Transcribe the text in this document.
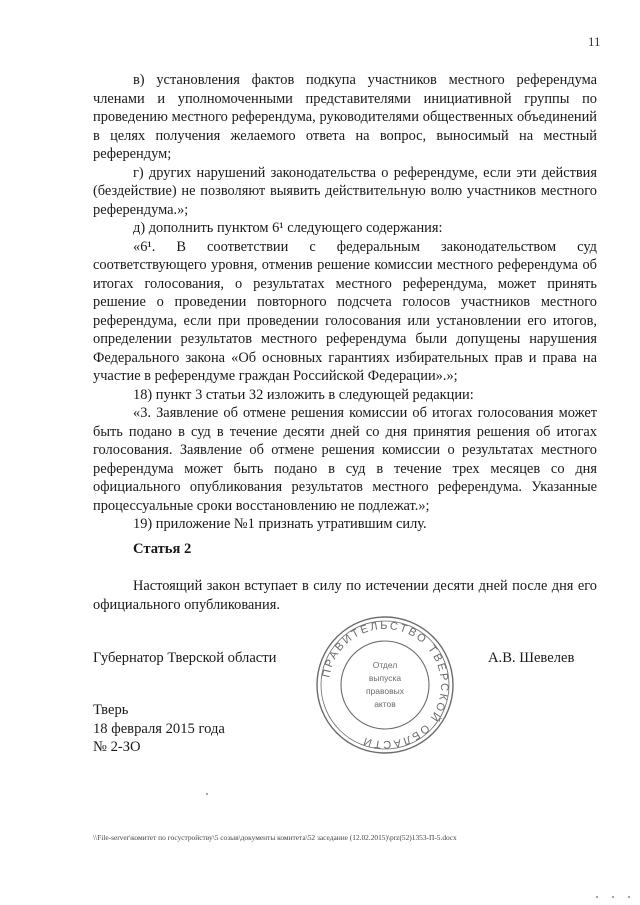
11

в) установления фактов подкупа участников местного референдума членами и уполномоченными представителями инициативной группы по проведению местного референдума, руководителями общественных объединений в целях получения желаемого ответа на вопрос, выносимый на местный референдум;

г) других нарушений законодательства о референдуме, если эти действия (бездействие) не позволяют выявить действительную волю участников местного референдума.»;

д) дополнить пунктом 6¹ следующего содержания:

«6¹. В соответствии с федеральным законодательством суд соответствующего уровня, отменив решение комиссии местного референдума об итогах голосования, о результатах местного референдума, может принять решение о проведении повторного подсчета голосов участников местного референдума, если при проведении голосования или установлении его итогов, определении результатов местного референдума были допущены нарушения Федерального закона «Об основных гарантиях избирательных прав и права на участие в референдуме граждан Российской Федерации».»;

18) пункт 3 статьи 32 изложить в следующей редакции:

«3. Заявление об отмене решения комиссии об итогах голосования может быть подано в суд в течение десяти дней со дня принятия решения об итогах голосования. Заявление об отмене решения комиссии о результатах местного референдума может быть подано в суд в течение трех месяцев со дня официального опубликования результатов местного референдума. Указанные процессуальные сроки восстановлению не подлежат.»;

19) приложение №1 признать утратившим силу.

Статья 2
Настоящий закон вступает в силу по истечении десяти дней после дня его официального опубликования.
Губернатор Тверской области	А.В. Шевелев
Тверь
18 февраля 2015 года
№ 2-ЗО
ПРАВИТЕЛЬСТВО ТВЕРСКОЙ ОБЛАСТИ
Отдел
выпуска
правовых
актов
\\File-server\комитет по госустройству\5 созыв\документы комитета\52 заседание (12.02.2015)\prz(52)1353-П-5.docx
